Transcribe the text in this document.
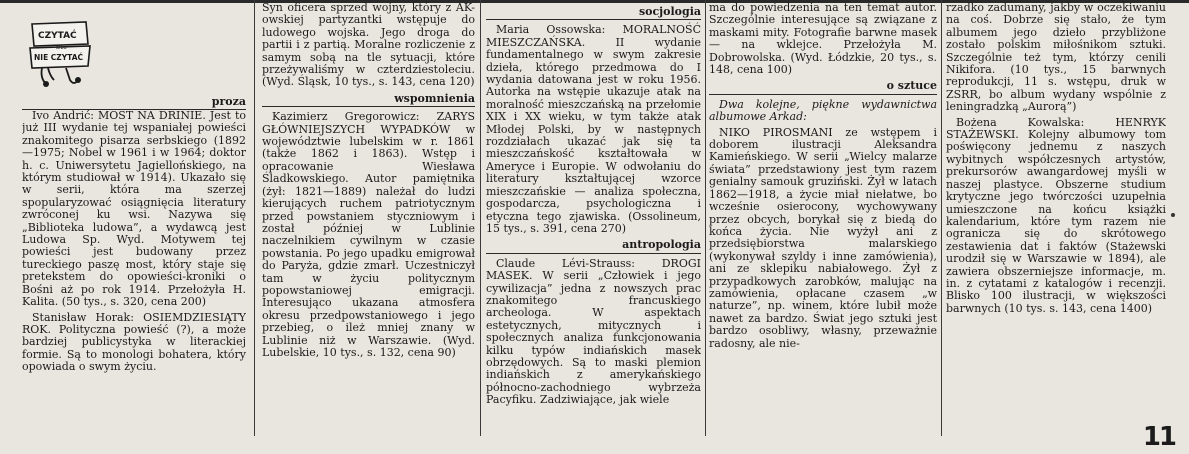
CZYTAĆ
albo
NIE CZYTAĆ
proza

Ivo Andrić: MOST NA DRINIE. Jest to już III wydanie tej wspaniałej powieści znakomitego pisarza serbskiego (1892—1975; Nobel w 1961 i w 1964; doktor h. c. Uniwersytetu Jagiellońskiego, na którym studiował w 1914). Ukazało się w serii, która ma szerzej spopularyzować osiągnięcia literatury zwróconej ku wsi. Nazywa się „Biblioteka ludowa”, a wydawcą jest Ludowa Sp. Wyd. Motywem tej powieści jest budowany przez tureckiego paszę most, który staje się pretekstem do opowieści-kroniki o Bośni aż po rok 1914. Przełożyła H. Kalita. (50 tys., s. 320, cena 200)

Stanisław Horak: OSIEMDZIESIĄTY ROK. Polityczna powieść (?), a może bardziej publicystyka w literackiej formie. Są to monologi bohatera, który opowiada o swym życiu.

Syn oficera sprzed wojny, który z AK-owskiej partyzantki wstępuje do ludowego wojska. Jego droga do partii i z partią. Moralne rozliczenie z samym sobą na tle sytuacji, które przeżywaliśmy w czterdziestoleciu. (Wyd. Śląsk, 10 tys., s. 143, cena 120)

wspomnienia

Kazimierz Gregorowicz: ZARYS GŁÓWNIEJSZYCH WYPADKÓW w województwie lubelskim w r. 1861 (także 1862 i 1863). Wstęp i opracowanie Wiesława Śladkowskiego. Autor pamiętnika (żył: 1821—1889) należał do ludzi kierujących ruchem patriotycznym przed powstaniem styczniowym i został później w Lublinie naczelnikiem cywilnym w czasie powstania. Po jego upadku emigrował do Paryża, gdzie zmarł. Uczestniczył tam w życiu politycznym popowstaniowej emigracji. Interesująco ukazana atmosfera okresu przedpowstaniowego i jego przebieg, o ileż mniej znany w Lublinie niż w Warszawie. (Wyd. Lubelskie, 10 tys., s. 132, cena 90)

socjologia

Maria Ossowska: MORALNOŚĆ MIESZCZAŃSKA. II wydanie fundamentalnego w swym zakresie dzieła, którego przedmowa do I wydania datowana jest w roku 1956. Autorka na wstępie ukazuje atak na moralność mieszczańską na przełomie XIX i XX wieku, w tym także atak Młodej Polski, by w następnych rozdziałach ukazać jak się ta mieszczańskość kształtowała w Ameryce i Europie. W odwołaniu do literatury kształtującej wzorce mieszczańskie — analiza społeczna, gospodarcza, psychologiczna i etyczna tego zjawiska. (Ossolineum, 15 tys., s. 391, cena 270)

antropologia

Claude Lévi-Strauss: DROGI MASEK. W serii „Człowiek i jego cywilizacja” jedna z nowszych prac znakomitego francuskiego archeologa. W aspektach estetycznych, mitycznych i społecznych analiza funkcjonowania kilku typów indiańskich masek obrzędowych. Są to maski plemion indiańskich z amerykańskiego północno-zachodniego wybrzeża Pacyfiku. Zadziwiające, jak wiele

ma do powiedzenia na ten temat autor. Szczególnie interesujące są związane z maskami mity. Fotografie barwne masek — na wklejce. Przełożyła M. Dobrowolska. (Wyd. Łódzkie, 20 tys., s. 148, cena 100)

o sztuce

Dwa kolejne, piękne wydawnictwa albumowe Arkad:

NIKO PIROSMANI ze wstępem i doborem ilustracji Aleksandra Kamieńskiego. W serii „Wielcy malarze świata” przedstawiony jest tym razem genialny samouk gruziński. Żył w latach 1862—1918, a życie miał niełatwe, bo wcześnie osierocony, wychowywany przez obcych, borykał się z biedą do końca życia. Nie wyżył ani z przedsiębiorstwa malarskiego (wykonywał szyldy i inne zamówienia), ani ze sklepiku nabiałowego. Żył z przypadkowych zarobków, malując na zamówienia, opłacane czasem „w naturze”, np. winem, które lubił może nawet za bardzo. Świat jego sztuki jest bardzo osobliwy, własny, przeważnie radosny, ale nie-

rzadko zadumany, jakby w oczekiwaniu na coś. Dobrze się stało, że tym albumem jego dzieło przybliżone zostało polskim miłośnikom sztuki. Szczególnie też tym, którzy cenili Nikifora. (10 tys., 15 barwnych reprodukcji, 11 s. wstępu, druk w ZSRR, bo album wydany wspólnie z leningradzką „Aurorą”)

Bożena Kowalska: HENRYK STAŻEWSKI. Kolejny albumowy tom poświęcony jednemu z naszych wybitnych współczesnych artystów, prekursorów awangardowej myśli w naszej plastyce. Obszerne studium krytyczne jego twórczości uzupełnia umieszczone na końcu książki kalendarium, które tym razem nie ogranicza się do skrótowego zestawienia dat i faktów (Stażewski urodził się w Warszawie w 1894), ale zawiera obszerniejsze informacje, m. in. z cytatami z katalogów i recenzji. Blisko 100 ilustracji, w większości barwnych (10 tys. s. 143, cena 1400)

11
